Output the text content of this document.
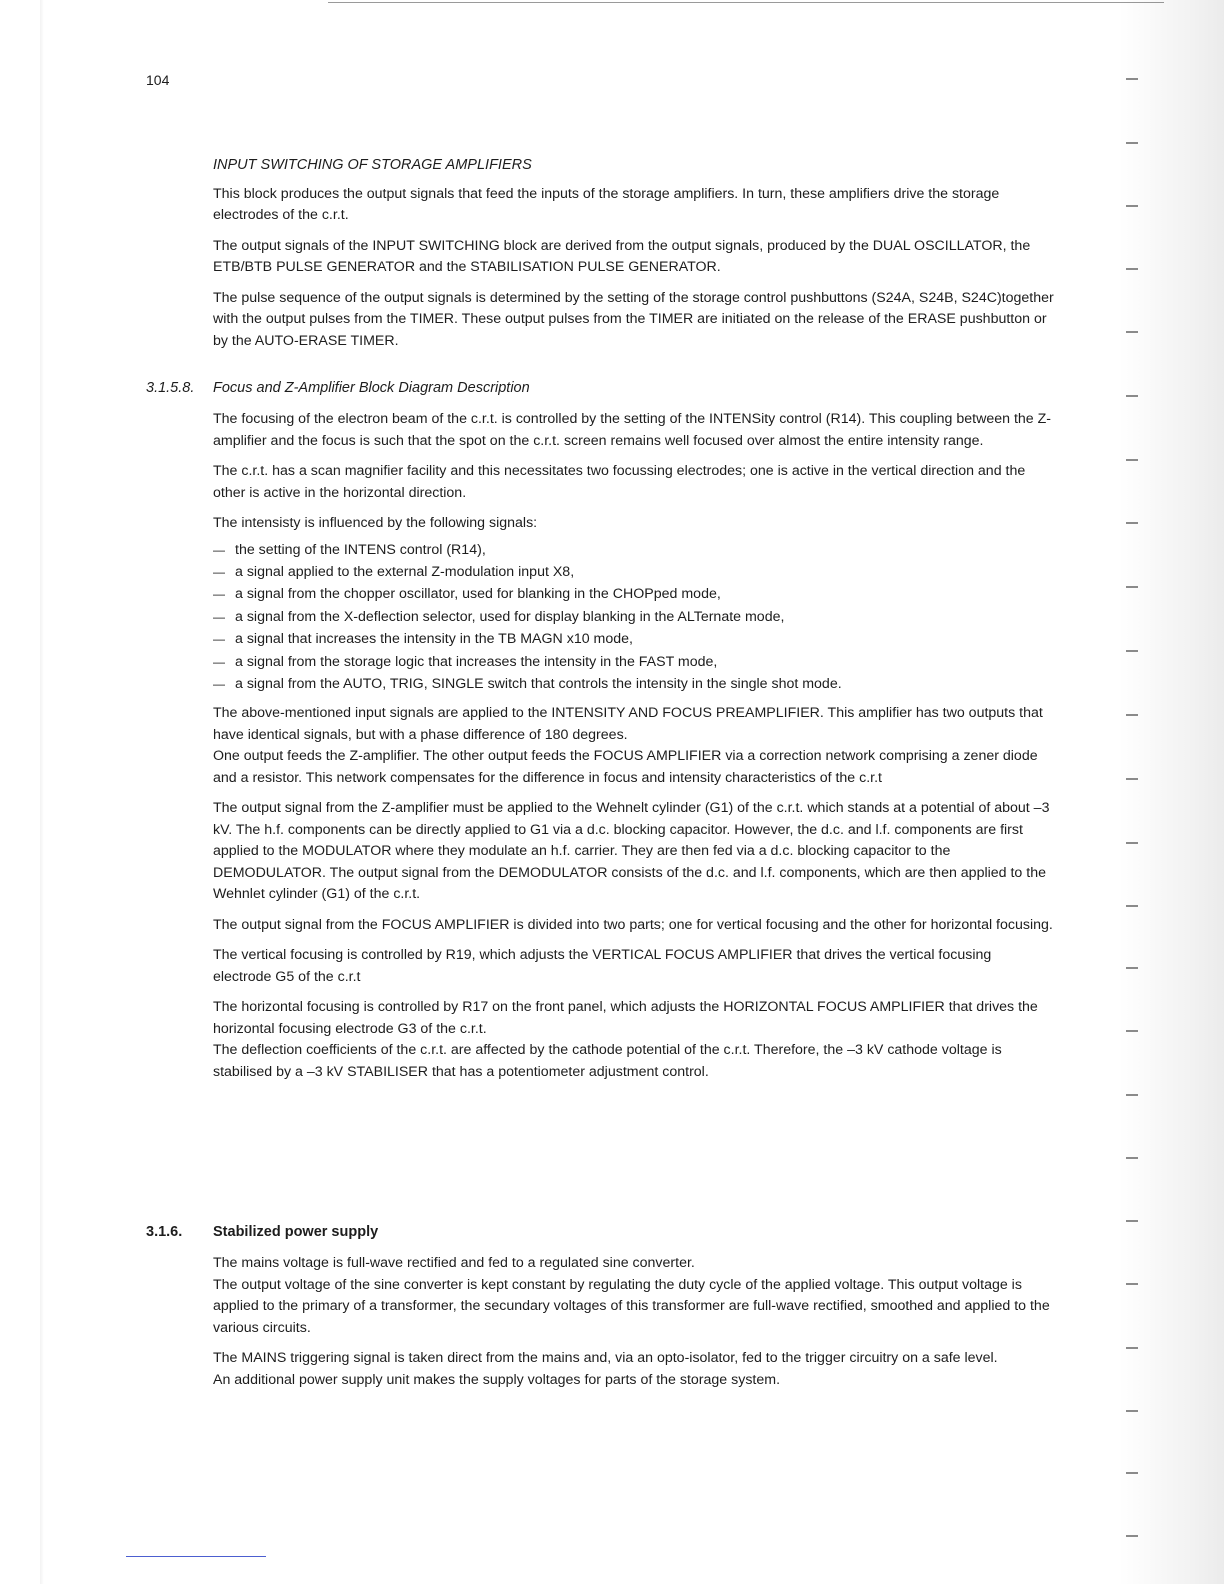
104

INPUT SWITCHING OF STORAGE AMPLIFIERS

This block produces the output signals that feed the inputs of the storage amplifiers. In turn, these amplifiers drive the storage electrodes of the c.r.t.

The output signals of the INPUT SWITCHING block are derived from the output signals, produced by the DUAL OSCILLATOR, the ETB/BTB PULSE GENERATOR and the STABILISATION PULSE GENERATOR.

The pulse sequence of the output signals is determined by the setting of the storage control pushbuttons (S24A, S24B, S24C)together with the output pulses from the TIMER. These output pulses from the TIMER are initiated on the release of the ERASE pushbutton or by the AUTO-ERASE TIMER.

3.1.5.8. Focus and Z-Amplifier Block Diagram Description

The focusing of the electron beam of the c.r.t. is controlled by the setting of the INTENSity control (R14). This coupling between the Z-amplifier and the focus is such that the spot on the c.r.t. screen remains well focused over almost the entire intensity range.

The c.r.t. has a scan magnifier facility and this necessitates two focussing electrodes; one is active in the vertical direction and the other is active in the horizontal direction.

The intensisty is influenced by the following signals:

— the setting of the INTENS control (R14),
— a signal applied to the external Z-modulation input X8,
— a signal from the chopper oscillator, used for blanking in the CHOPped mode,
— a signal from the X-deflection selector, used for display blanking in the ALTernate mode,
— a signal that increases the intensity in the TB MAGN x10 mode,
— a signal from the storage logic that increases the intensity in the FAST mode,
— a signal from the AUTO, TRIG, SINGLE switch that controls the intensity in the single shot mode.

The above-mentioned input signals are applied to the INTENSITY AND FOCUS PREAMPLIFIER. This amplifier has two outputs that have identical signals, but with a phase difference of 180 degrees.

One output feeds the Z-amplifier. The other output feeds the FOCUS AMPLIFIER via a correction network comprising a zener diode and a resistor. This network compensates for the difference in focus and intensity characteristics of the c.r.t

The output signal from the Z-amplifier must be applied to the Wehnelt cylinder (G1) of the c.r.t. which stands at a potential of about –3 kV. The h.f. components can be directly applied to G1 via a d.c. blocking capacitor. However, the d.c. and l.f. components are first applied to the MODULATOR where they modulate an h.f. carrier. They are then fed via a d.c. blocking capacitor to the DEMODULATOR. The output signal from the DEMODULATOR consists of the d.c. and l.f. components, which are then applied to the Wehnlet cylinder (G1) of the c.r.t.

The output signal from the FOCUS AMPLIFIER is divided into two parts; one for vertical focusing and the other for horizontal focusing.

The vertical focusing is controlled by R19, which adjusts the VERTICAL FOCUS AMPLIFIER that drives the vertical focusing electrode G5 of the c.r.t

The horizontal focusing is controlled by R17 on the front panel, which adjusts the HORIZONTAL FOCUS AMPLIFIER that drives the horizontal focusing electrode G3 of the c.r.t.

The deflection coefficients of the c.r.t. are affected by the cathode potential of the c.r.t. Therefore, the –3 kV cathode voltage is stabilised by a –3 kV STABILISER that has a potentiometer adjustment control.

3.1.6. Stabilized power supply

The mains voltage is full-wave rectified and fed to a regulated sine converter.

The output voltage of the sine converter is kept constant by regulating the duty cycle of the applied voltage. This output voltage is applied to the primary of a transformer, the secundary voltages of this transformer are full-wave rectified, smoothed and applied to the various circuits.

The MAINS triggering signal is taken direct from the mains and, via an opto-isolator, fed to the trigger circuitry on a safe level.

An additional power supply unit makes the supply voltages for parts of the storage system.
